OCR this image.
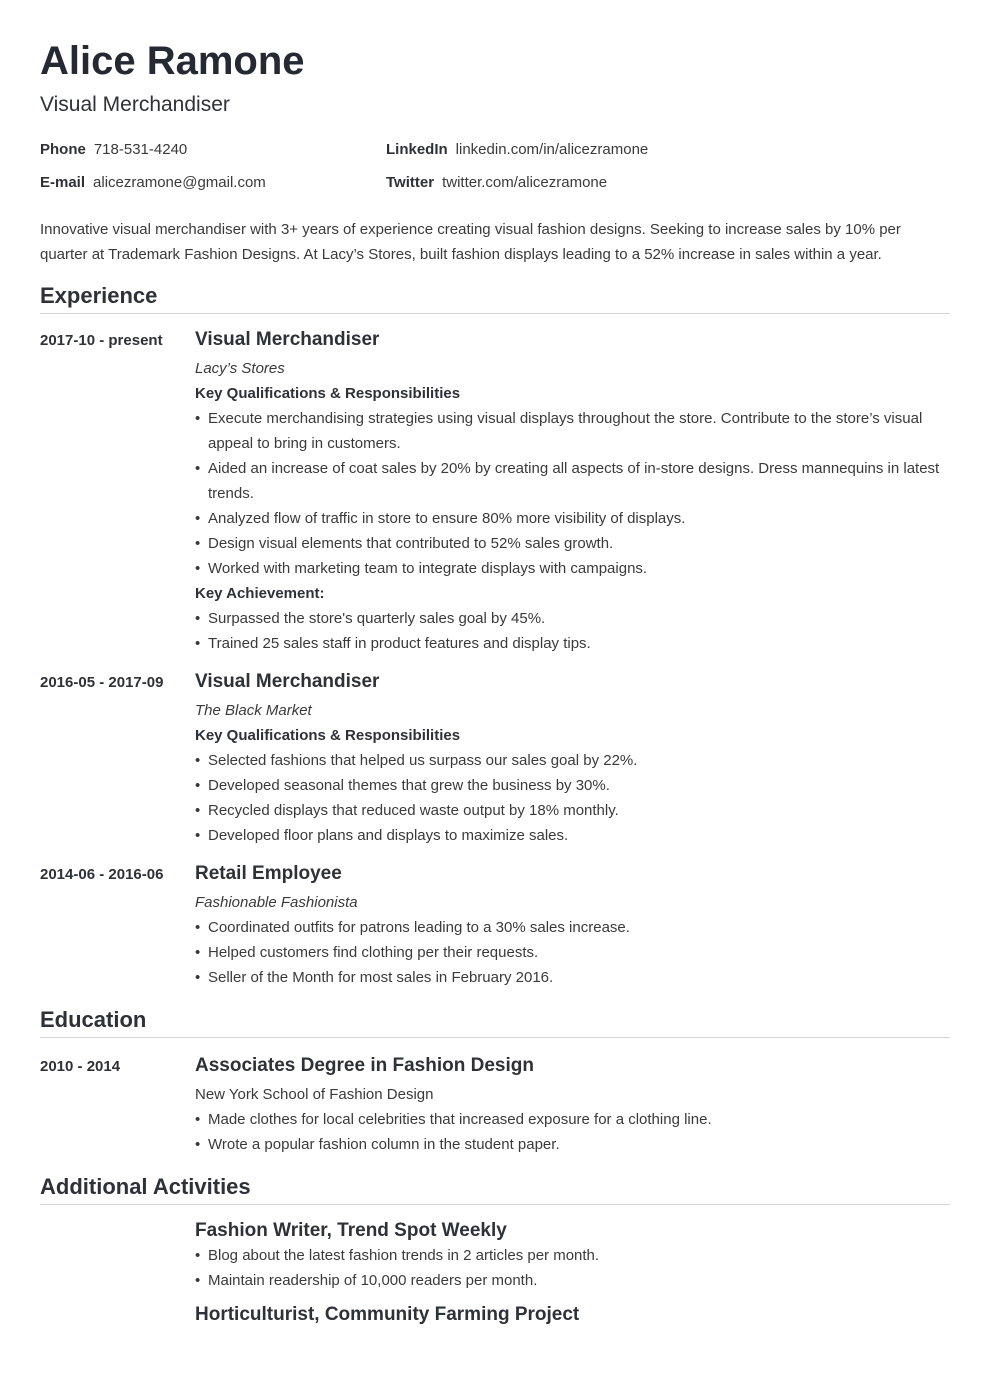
Alice Ramone
Visual Merchandiser
Phone 718-531-4240	LinkedIn linkedin.com/in/alicezramone
E-mail alicezramone@gmail.com	Twitter twitter.com/alicezramone
Innovative visual merchandiser with 3+ years of experience creating visual fashion designs. Seeking to increase sales by 10% per quarter at Trademark Fashion Designs. At Lacy’s Stores, built fashion displays leading to a 52% increase in sales within a year.
Experience
2017-10 - present	Visual Merchandiser
Lacy’s Stores
Key Qualifications & Responsibilities
• Execute merchandising strategies using visual displays throughout the store. Contribute to the store’s visual appeal to bring in customers.
• Aided an increase of coat sales by 20% by creating all aspects of in-store designs. Dress mannequins in latest trends.
• Analyzed flow of traffic in store to ensure 80% more visibility of displays.
• Design visual elements that contributed to 52% sales growth.
• Worked with marketing team to integrate displays with campaigns.
Key Achievement:
• Surpassed the store's quarterly sales goal by 45%.
• Trained 25 sales staff in product features and display tips.
2016-05 - 2017-09	Visual Merchandiser
The Black Market
Key Qualifications & Responsibilities
• Selected fashions that helped us surpass our sales goal by 22%.
• Developed seasonal themes that grew the business by 30%.
• Recycled displays that reduced waste output by 18% monthly.
• Developed floor plans and displays to maximize sales.
2014-06 - 2016-06	Retail Employee
Fashionable Fashionista
• Coordinated outfits for patrons leading to a 30% sales increase.
• Helped customers find clothing per their requests.
• Seller of the Month for most sales in February 2016.
Education
2010 - 2014	Associates Degree in Fashion Design
New York School of Fashion Design
• Made clothes for local celebrities that increased exposure for a clothing line.
• Wrote a popular fashion column in the student paper.
Additional Activities
Fashion Writer, Trend Spot Weekly
• Blog about the latest fashion trends in 2 articles per month.
• Maintain readership of 10,000 readers per month.
Horticulturist, Community Farming Project
